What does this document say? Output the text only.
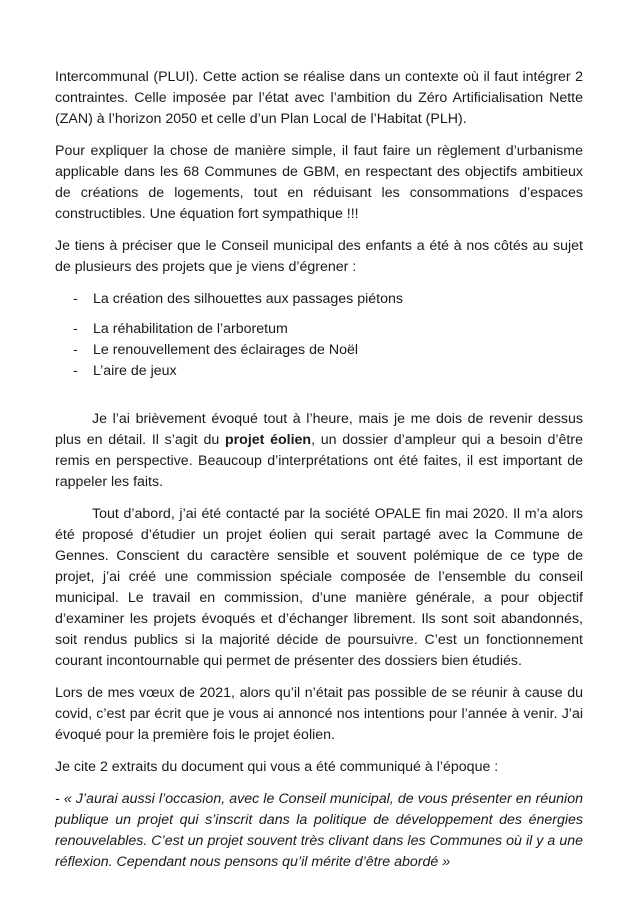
Intercommunal (PLUI). Cette action se réalise dans un contexte où il faut intégrer 2 contraintes. Celle imposée par l’état avec l’ambition du Zéro Artificialisation Nette (ZAN) à l’horizon 2050 et celle d’un Plan Local de l’Habitat (PLH).

Pour expliquer la chose de manière simple, il faut faire un règlement d’urbanisme applicable dans les 68 Communes de GBM, en respectant des objectifs ambitieux de créations de logements, tout en réduisant les consommations d’espaces constructibles. Une équation fort sympathique !!!

Je tiens à préciser que le Conseil municipal des enfants a été à nos côtés au sujet de plusieurs des projets que je viens d’égrener :

- La création des silhouettes aux passages piétons
- La réhabilitation de l’arboretum
- Le renouvellement des éclairages de Noël
- L’aire de jeux

Je l’ai brièvement évoqué tout à l’heure, mais je me dois de revenir dessus plus en détail. Il s’agit du projet éolien, un dossier d’ampleur qui a besoin d’être remis en perspective. Beaucoup d’interprétations ont été faites, il est important de rappeler les faits.

Tout d’abord, j’ai été contacté par la société OPALE fin mai 2020. Il m’a alors été proposé d’étudier un projet éolien qui serait partagé avec la Commune de Gennes. Conscient du caractère sensible et souvent polémique de ce type de projet, j’ai créé une commission spéciale composée de l’ensemble du conseil municipal. Le travail en commission, d’une manière générale, a pour objectif d’examiner les projets évoqués et d’échanger librement. Ils sont soit abandonnés, soit rendus publics si la majorité décide de poursuivre. C’est un fonctionnement courant incontournable qui permet de présenter des dossiers bien étudiés.

Lors de mes vœux de 2021, alors qu’il n’était pas possible de se réunir à cause du covid, c’est par écrit que je vous ai annoncé nos intentions pour l’année à venir. J’ai évoqué pour la première fois le projet éolien.

Je cite 2 extraits du document qui vous a été communiqué à l’époque :

- « J’aurai aussi l’occasion, avec le Conseil municipal, de vous présenter en réunion publique un projet qui s’inscrit dans la politique de développement des énergies renouvelables. C’est un projet souvent très clivant dans les Communes où il y a une réflexion. Cependant nous pensons qu’il mérite d’être abordé »
